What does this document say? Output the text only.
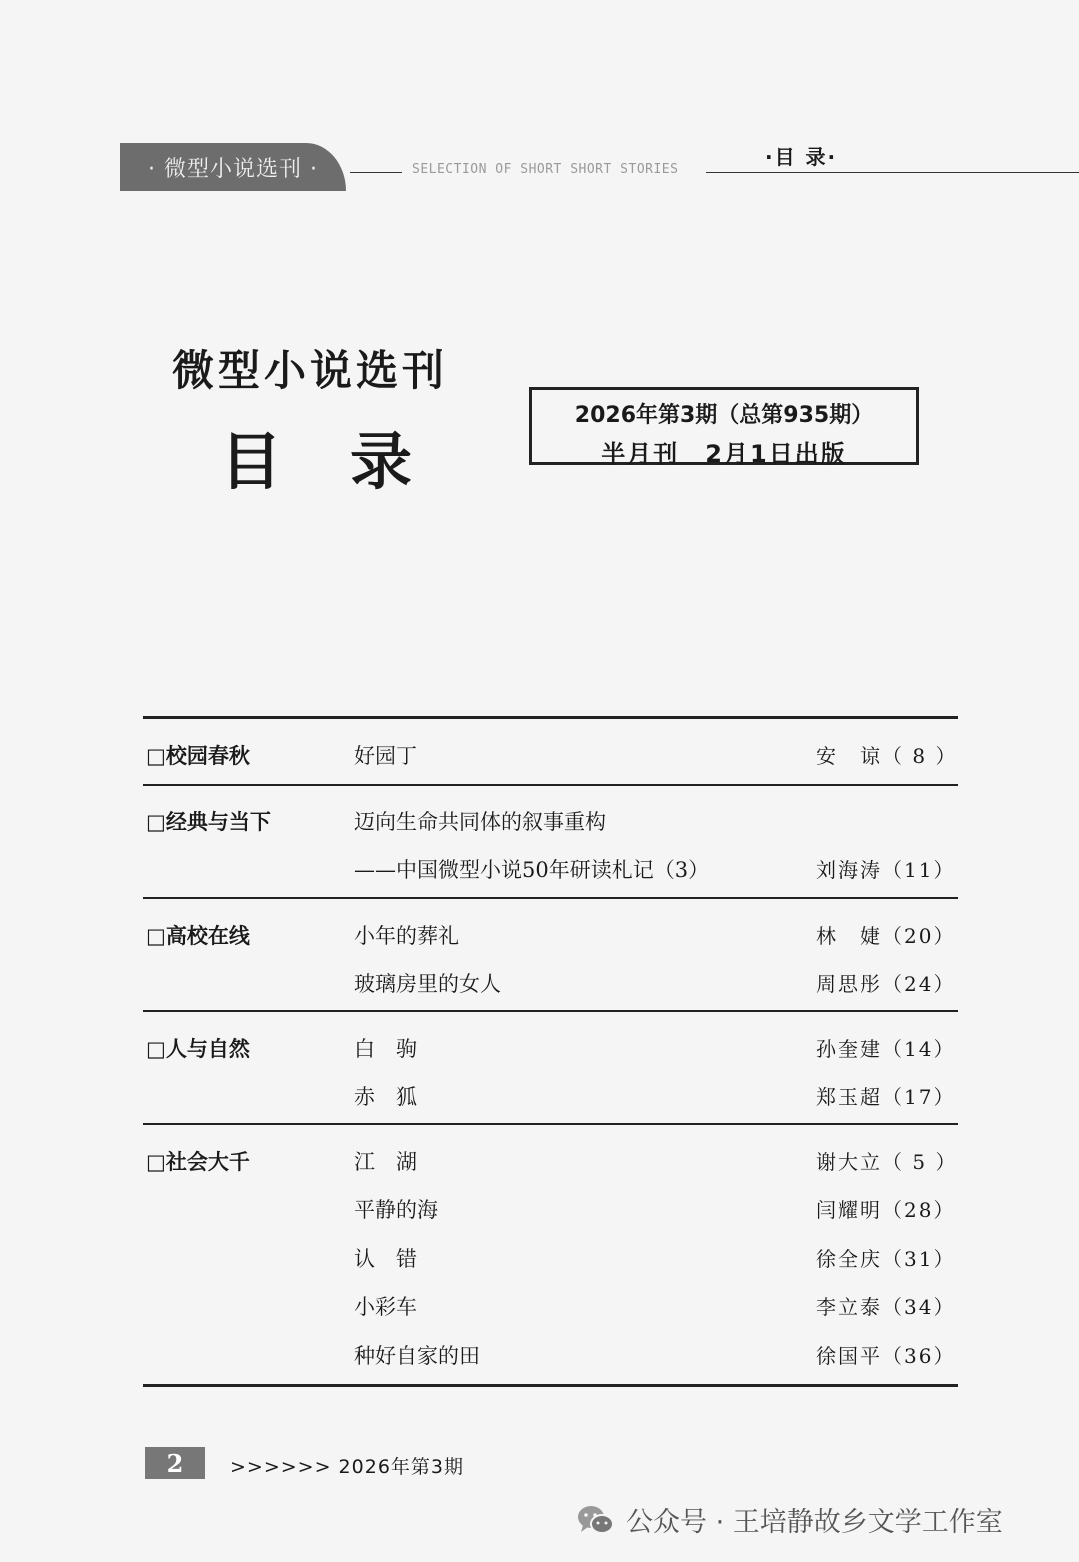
· 微型小说选刊 ·	SELECTION OF SHORT SHORT STORIES
·目 录·
微型小说选刊
目录
2026年第3期（总第935期）
半月刊　2月1日出版
□校园春秋	好园丁	安　谅（ 8 ）
□经典与当下	迈向生命共同体的叙事重构
——中国微型小说50年研读札记（3）	刘海涛（11）
□高校在线	小年的葬礼	林　婕（20）
玻璃房里的女人	周思彤（24）
□人与自然	白　驹	孙奎建（14）
赤　狐	郑玉超（17）
□社会大千	江　湖	谢大立（ 5 ）
平静的海	闫耀明（28）
认　错	徐全庆（31）
小彩车	李立泰（34）
种好自家的田	徐国平（36）
2	>>>>>> 2026年第3期
公众号 · 王培静故乡文学工作室
